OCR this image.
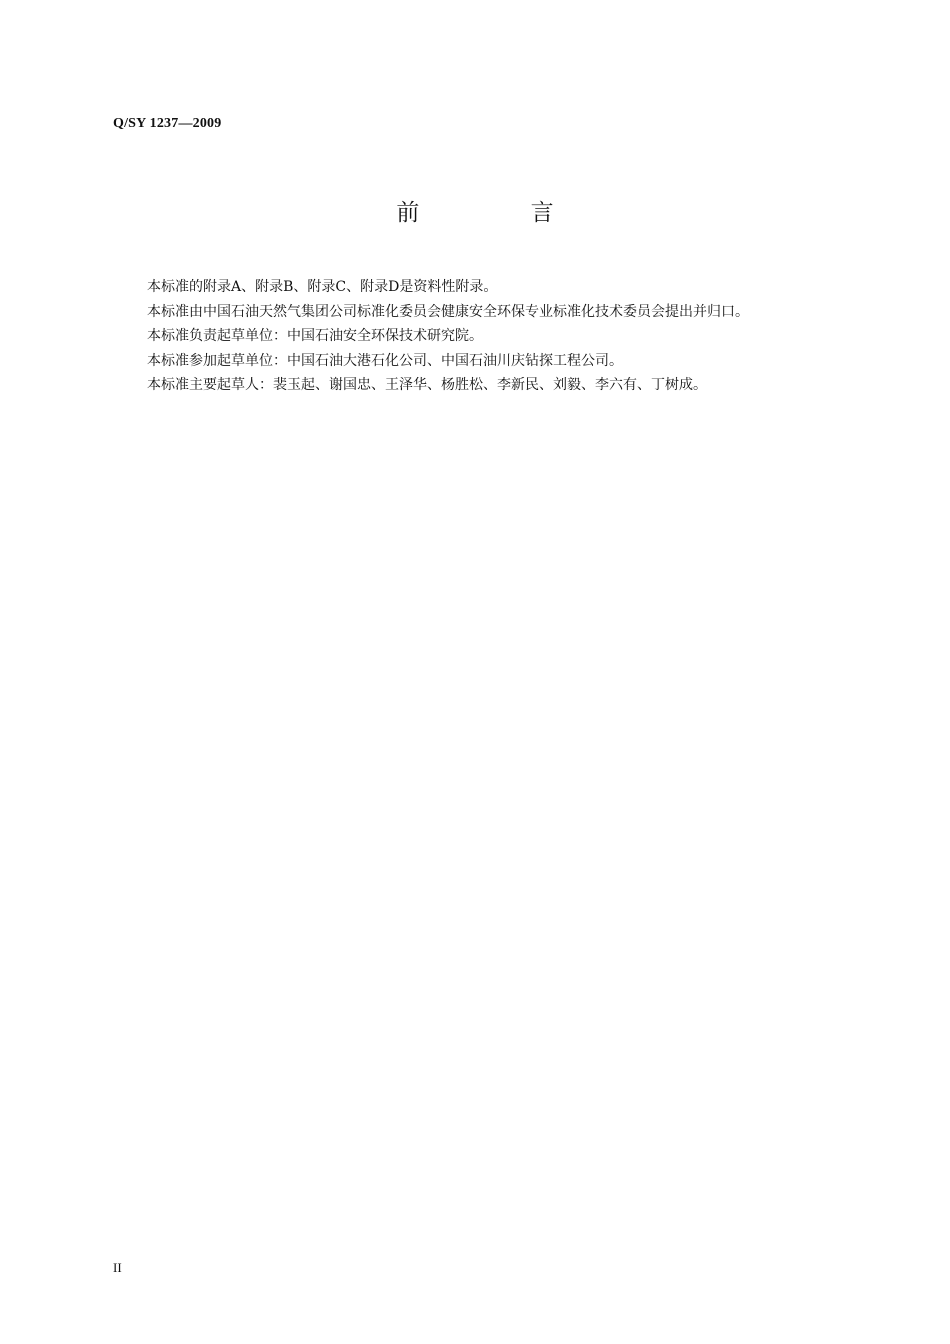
Q/SY 1237—2009
前 言

本标准的附录A、附录B、附录C、附录D是资料性附录。

本标准由中国石油天然气集团公司标准化委员会健康安全环保专业标准化技术委员会提出并归口。

本标准负责起草单位：中国石油安全环保技术研究院。

本标准参加起草单位：中国石油大港石化公司、中国石油川庆钻探工程公司。

本标准主要起草人：裴玉起、谢国忠、王泽华、杨胜松、李新民、刘毅、李六有、丁树成。

II
